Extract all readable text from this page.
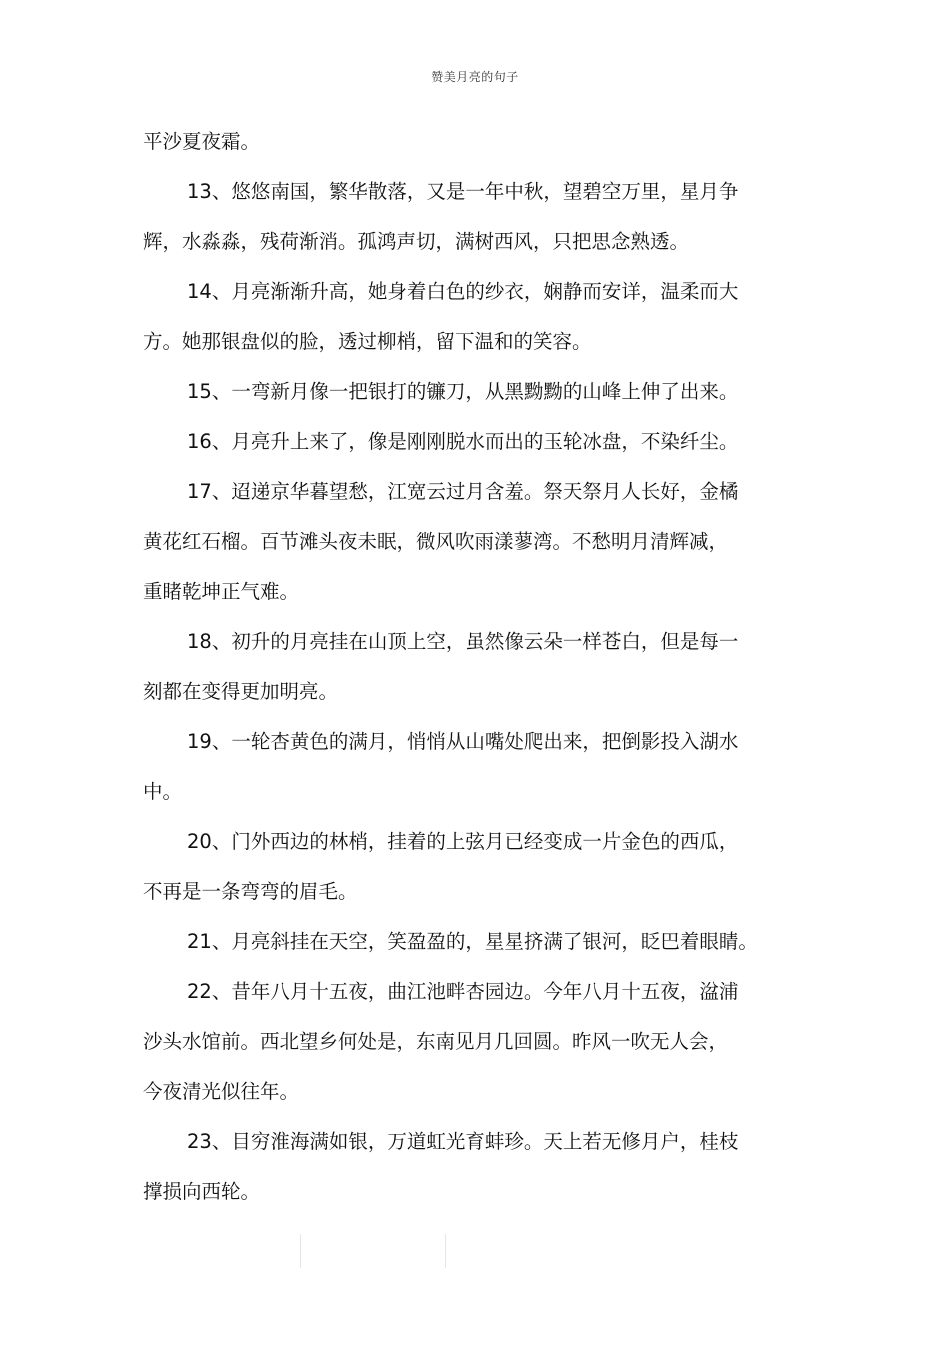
赞美月亮的句子
平沙夏夜霜。
13、悠悠南国，繁华散落，又是一年中秋，望碧空万里，星月争
辉，水淼淼，残荷渐消。孤鸿声切，满树西风，只把思念熟透。
14、月亮渐渐升高，她身着白色的纱衣，娴静而安详，温柔而大
方。她那银盘似的脸，透过柳梢，留下温和的笑容。
15、一弯新月像一把银打的镰刀，从黑黝黝的山峰上伸了出来。
16、月亮升上来了，像是刚刚脱水而出的玉轮冰盘，不染纤尘。
17、迢递京华暮望愁，江宽云过月含羞。祭天祭月人长好，金橘
黄花红石榴。百节滩头夜未眠，微风吹雨漾蓼湾。不愁明月清辉减，
重睹乾坤正气难。
18、初升的月亮挂在山顶上空，虽然像云朵一样苍白，但是每一
刻都在变得更加明亮。
19、一轮杏黄色的满月，悄悄从山嘴处爬出来，把倒影投入湖水
中。
20、门外西边的林梢，挂着的上弦月已经变成一片金色的西瓜，
不再是一条弯弯的眉毛。
21、月亮斜挂在天空，笑盈盈的，星星挤满了银河，眨巴着眼睛。
22、昔年八月十五夜，曲江池畔杏园边。今年八月十五夜，湓浦
沙头水馆前。西北望乡何处是，东南见月几回圆。昨风一吹无人会，
今夜清光似往年。
23、目穷淮海满如银，万道虹光育蚌珍。天上若无修月户，桂枝
撑损向西轮。
